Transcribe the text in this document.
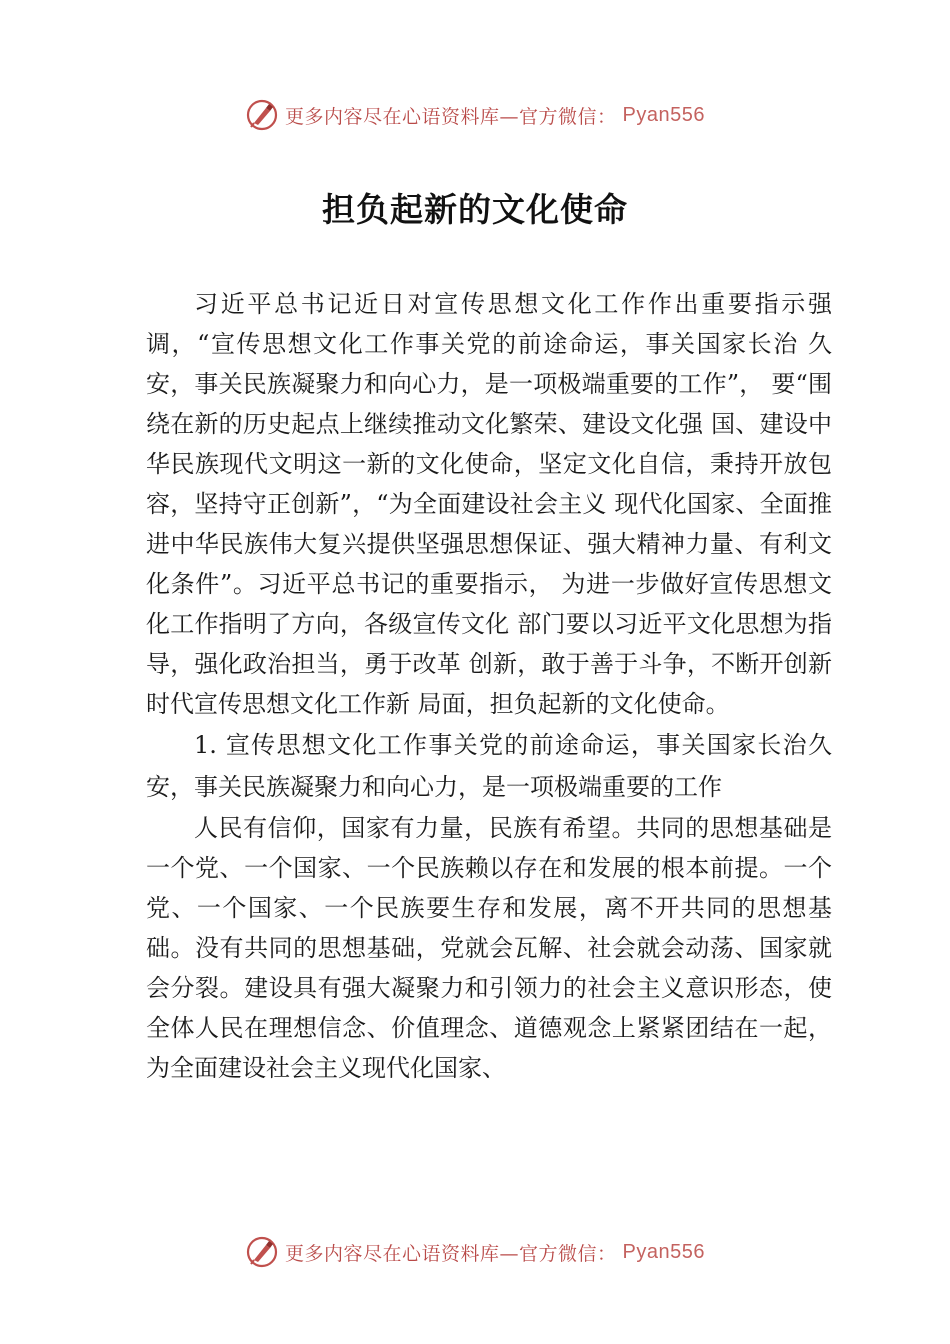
更多内容尽在心语资料库—官方微信： Pyan556
担负起新的文化使命

习近平总书记近日对宣传思想文化工作作出重要指示强调，“宣传思想文化工作事关党的前途命运，事关国家长治 久安，事关民族凝聚力和向心力，是一项极端重要的工作”， 要“围绕在新的历史起点上继续推动文化繁荣、建设文化强 国、建设中华民族现代文明这一新的文化使命，坚定文化自信，秉持开放包容，坚持守正创新”，“为全面建设社会主义 现代化国家、全面推进中华民族伟大复兴提供坚强思想保证、强大精神力量、有利文化条件”。习近平总书记的重要指示， 为进一步做好宣传思想文化工作指明了方向，各级宣传文化 部门要以习近平文化思想为指导，强化政治担当，勇于改革 创新，敢于善于斗争，不断开创新时代宣传思想文化工作新 局面，担负起新的文化使命。

1. 宣传思想文化工作事关党的前途命运，事关国家长治久安，事关民族凝聚力和向心力，是一项极端重要的工作

人民有信仰，国家有力量，民族有希望。共同的思想基础是一个党、一个国家、一个民族赖以存在和发展的根本前提。一个党、一个国家、一个民族要生存和发展，离不开共同的思想基础。没有共同的思想基础，党就会瓦解、社会就会动荡、国家就会分裂。建设具有强大凝聚力和引领力的社会主义意识形态，使全体人民在理想信念、价值理念、道德观念上紧紧团结在一起，为全面建设社会主义现代化国家、

更多内容尽在心语资料库—官方微信： Pyan556
